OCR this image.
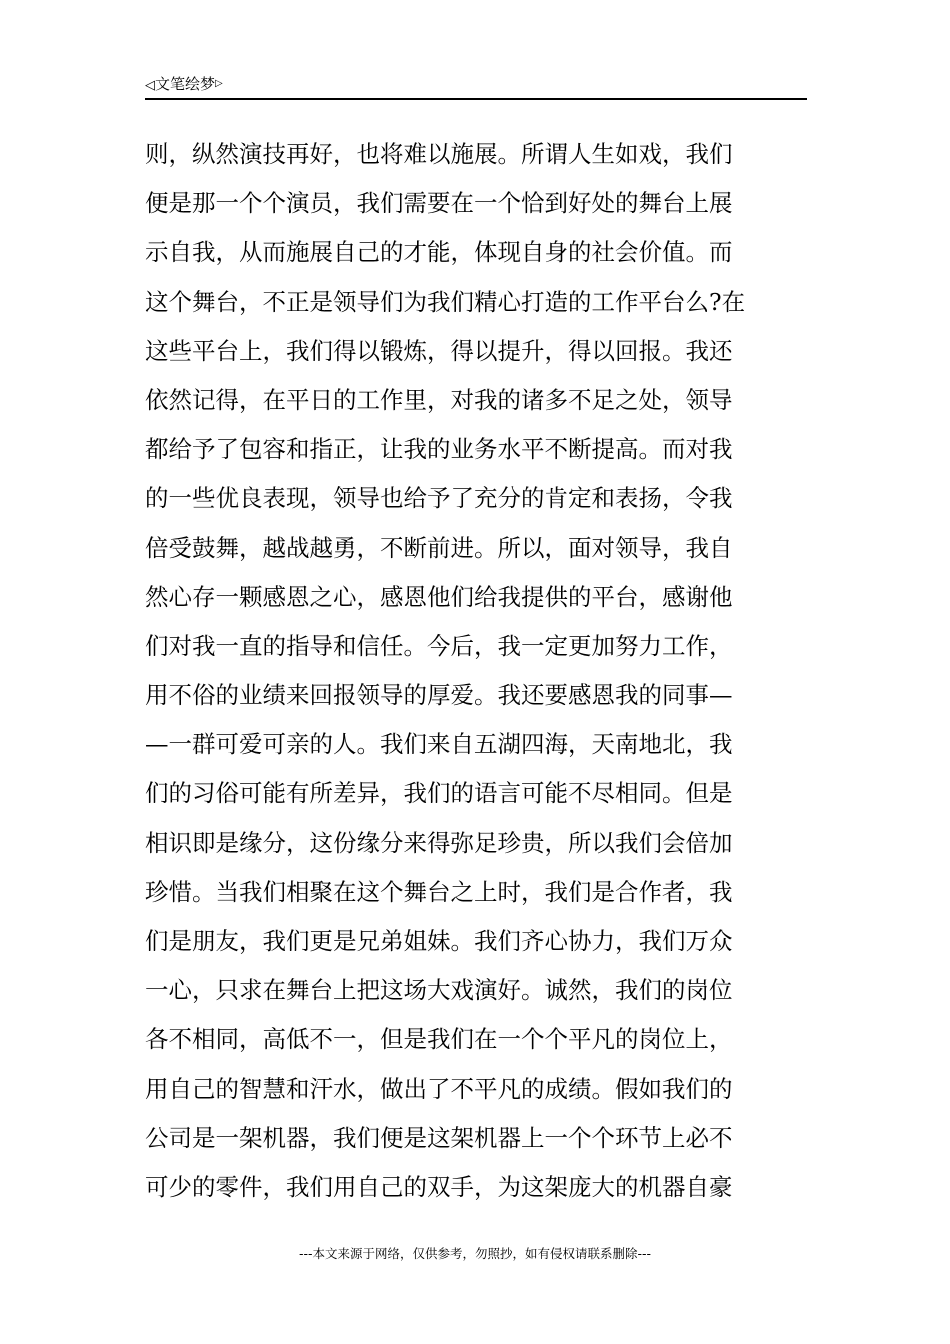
◁文笔绘梦▷
则，纵然演技再好，也将难以施展。所谓人生如戏，我们
便是那一个个演员，我们需要在一个恰到好处的舞台上展
示自我，从而施展自己的才能，体现自身的社会价值。而
这个舞台，不正是领导们为我们精心打造的工作平台么?在
这些平台上，我们得以锻炼，得以提升，得以回报。我还
依然记得，在平日的工作里，对我的诸多不足之处，领导
都给予了包容和指正，让我的业务水平不断提高。而对我
的一些优良表现，领导也给予了充分的肯定和表扬，令我
倍受鼓舞，越战越勇，不断前进。所以，面对领导，我自
然心存一颗感恩之心，感恩他们给我提供的平台，感谢他
们对我一直的指导和信任。今后，我一定更加努力工作，
用不俗的业绩来回报领导的厚爱。我还要感恩我的同事—
—一群可爱可亲的人。我们来自五湖四海，天南地北，我
们的习俗可能有所差异，我们的语言可能不尽相同。但是
相识即是缘分，这份缘分来得弥足珍贵，所以我们会倍加
珍惜。当我们相聚在这个舞台之上时，我们是合作者，我
们是朋友，我们更是兄弟姐妹。我们齐心协力，我们万众
一心，只求在舞台上把这场大戏演好。诚然，我们的岗位
各不相同，高低不一，但是我们在一个个平凡的岗位上，
用自己的智慧和汗水，做出了不平凡的成绩。假如我们的
公司是一架机器，我们便是这架机器上一个个环节上必不
可少的零件，我们用自己的双手，为这架庞大的机器自豪
---本文来源于网络，仅供参考，勿照抄，如有侵权请联系删除---
